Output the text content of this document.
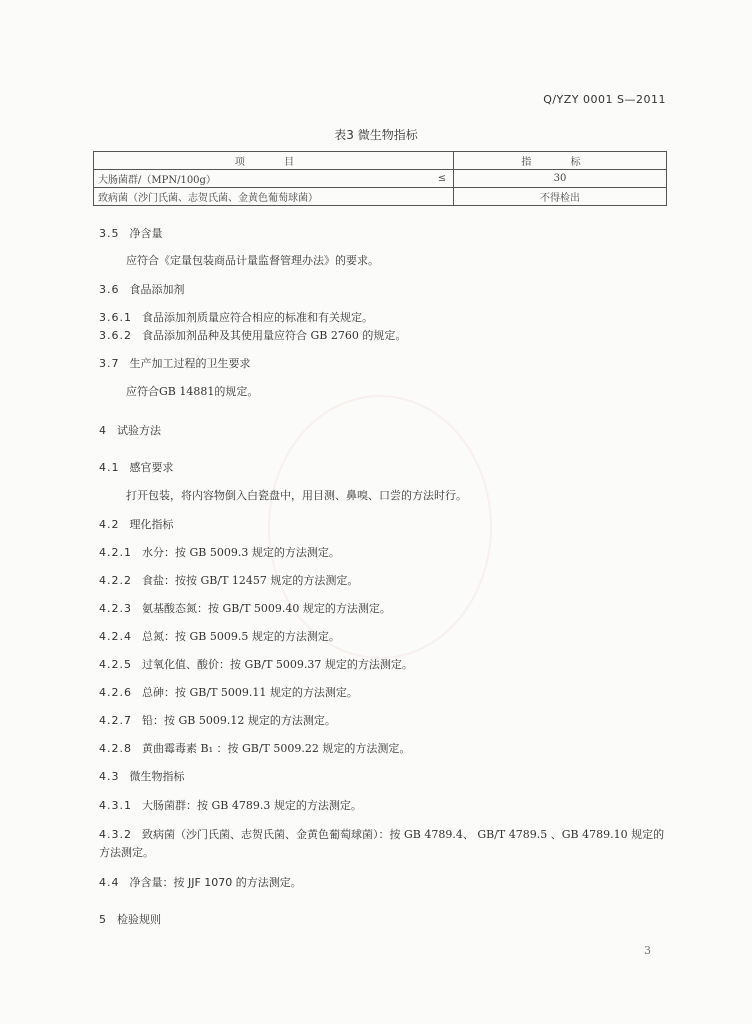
Q/YZY 0001 S—2011
表3 微生物指标
项 目		指 标
大肠菌群/（MPN/100g）	≤	30
致病菌（沙门氏菌、志贺氏菌、金黄色葡萄球菌）		不得检出
3.5 净含量
应符合《定量包装商品计量监督管理办法》的要求。
3.6 食品添加剂
3.6.1 食品添加剂质量应符合相应的标准和有关规定。
3.6.2 食品添加剂品种及其使用量应符合 GB 2760 的规定。
3.7 生产加工过程的卫生要求
应符合GB 14881的规定。
4 试验方法
4.1 感官要求
打开包装，将内容物倒入白瓷盘中，用目测、鼻嗅、口尝的方法时行。
4.2 理化指标
4.2.1 水分：按 GB 5009.3 规定的方法测定。
4.2.2 食盐：按按 GB/T 12457 规定的方法测定。
4.2.3 氨基酸态氮：按 GB/T 5009.40 规定的方法测定。
4.2.4 总氮：按 GB 5009.5 规定的方法测定。
4.2.5 过氧化值、酸价：按 GB/T 5009.37 规定的方法测定。
4.2.6 总砷：按 GB/T 5009.11 规定的方法测定。
4.2.7 铅：按 GB 5009.12 规定的方法测定。
4.2.8 黄曲霉毒素 B₁ ：按 GB/T 5009.22 规定的方法测定。
4.3 微生物指标
4.3.1 大肠菌群：按 GB 4789.3 规定的方法测定。
4.3.2 致病菌（沙门氏菌、志贺氏菌、金黄色葡萄球菌）：按 GB 4789.4、 GB/T 4789.5 、GB 4789.10 规定的方法测定。
4.4 净含量：按 JJF 1070 的方法测定。
5 检验规则
3
